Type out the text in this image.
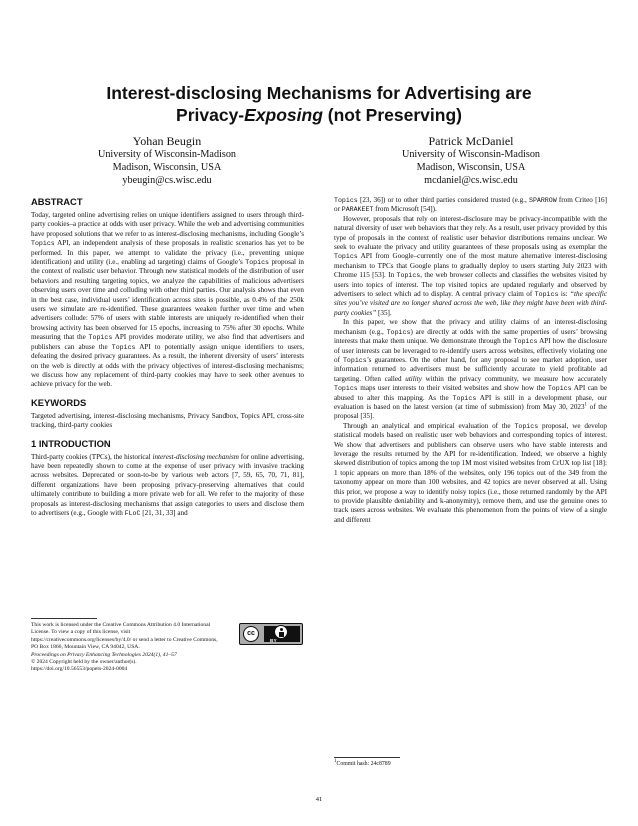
Interest-disclosing Mechanisms for Advertising are
Privacy-Exposing (not Preserving)
Yohan Beugin
University of Wisconsin-Madison
Madison, Wisconsin, USA
ybeugin@cs.wisc.edu
Patrick McDaniel
University of Wisconsin-Madison
Madison, Wisconsin, USA
mcdaniel@cs.wisc.edu
ABSTRACT

Today, targeted online advertising relies on unique identifiers assigned to users through third-party cookies–a practice at odds with user privacy. While the web and advertising communities have proposed solutions that we refer to as interest-disclosing mechanisms, including Google’s Topics API, an independent analysis of these proposals in realistic scenarios has yet to be performed. In this paper, we attempt to validate the privacy (i.e., preventing unique identification) and utility (i.e., enabling ad targeting) claims of Google’s Topics proposal in the context of realistic user behavior. Through new statistical models of the distribution of user behaviors and resulting targeting topics, we analyze the capabilities of malicious advertisers observing users over time and colluding with other third parties. Our analysis shows that even in the best case, individual users’ identification across sites is possible, as 0.4% of the 250k users we simulate are re-identified. These guarantees weaken further over time and when advertisers collude: 57% of users with stable interests are uniquely re-identified when their browsing activity has been observed for 15 epochs, increasing to 75% after 30 epochs. While measuring that the Topics API provides moderate utility, we also find that advertisers and publishers can abuse the Topics API to potentially assign unique identifiers to users, defeating the desired privacy guarantees. As a result, the inherent diversity of users’ interests on the web is directly at odds with the privacy objectives of interest-disclosing mechanisms; we discuss how any replacement of third-party cookies may have to seek other avenues to achieve privacy for the web.

KEYWORDS

Targeted advertising, interest-disclosing mechanisms, Privacy Sandbox, Topics API, cross-site tracking, third-party cookies

1 INTRODUCTION

Third-party cookies (TPCs), the historical interest-disclosing mechanism for online advertising, have been repeatedly shown to come at the expense of user privacy with invasive tracking across websites. Deprecated or soon-to-be by various web actors [7, 59, 65, 70, 71, 81], different organizations have been proposing privacy-preserving alternatives that could ultimately contribute to building a more private web for all. We refer to the majority of these proposals as interest-disclosing mechanisms that assign categories to users and disclose them to advertisers (e.g., Google with FLoC [21, 31, 33] and

This work is licensed under the Creative Commons Attribution 4.0 International License. To view a copy of this license, visit https://creativecommons.org/licenses/by/4.0/ or send a letter to Creative Commons, PO Box 1866, Mountain View, CA 94042, USA.

cc
BY

Proceedings on Privacy Enhancing Technologies 2024(1), 41–57

© 2024 Copyright held by the owner/author(s).

https://doi.org/10.56553/popets-2024-0004

Topics [23, 36]) or to other third parties considered trusted (e.g., SPARROW from Criteo [16] or PARAKEET from Microsoft [54]).

However, proposals that rely on interest-disclosure may be privacy-incompatible with the natural diversity of user web behaviors that they rely. As a result, user privacy provided by this type of proposals in the context of realistic user behavior distributions remains unclear. We seek to evaluate the privacy and utility guarantees of these proposals using as exemplar the Topics API from Google–currently one of the most mature alternative interest-disclosing mechanism to TPCs that Google plans to gradually deploy to users starting July 2023 with Chrome 115 [53]. In Topics, the web browser collects and classifies the websites visited by users into topics of interest. The top visited topics are updated regularly and observed by advertisers to select which ad to display. A central privacy claim of Topics is: “the specific sites you’ve visited are no longer shared across the web, like they might have been with third-party cookies” [35].

In this paper, we show that the privacy and utility claims of an interest-disclosing mechanism (e.g., Topics) are directly at odds with the same properties of users’ browsing interests that make them unique. We demonstrate through the Topics API how the disclosure of user interests can be leveraged to re-identify users across websites, effectively violating one of Topics’s guarantees. On the other hand, for any proposal to see market adoption, user information returned to advertisers must be sufficiently accurate to yield profitable ad targeting. Often called utility within the privacy community, we measure how accurately Topics maps user interests to their visited websites and show how the Topics API can be abused to alter this mapping. As the Topics API is still in a development phase, our evaluation is based on the latest version (at time of submission) from May 30, 2023$^1$ of the proposal [35].

Through an analytical and empirical evaluation of the Topics proposal, we develop statistical models based on realistic user web behaviors and corresponding topics of interest. We show that advertisers and publishers can observe users who have stable interests and leverage the results returned by the API for re-identification. Indeed, we observe a highly skewed distribution of topics among the top 1M most visited websites from CrUX top list [18]: 1 topic appears on more than 18% of the websites, only 196 topics out of the 349 from the taxonomy appear on more than 100 websites, and 42 topics are never observed at all. Using this prior, we propose a way to identify noisy topics (i.e., those returned randomly by the API to provide plausible deniability and k-anonymity), remove them, and use the genuine ones to track users across websites. We evaluate this phenomenon from the points of view of a single and different

$^1$Commit hash: 24c8789
41
